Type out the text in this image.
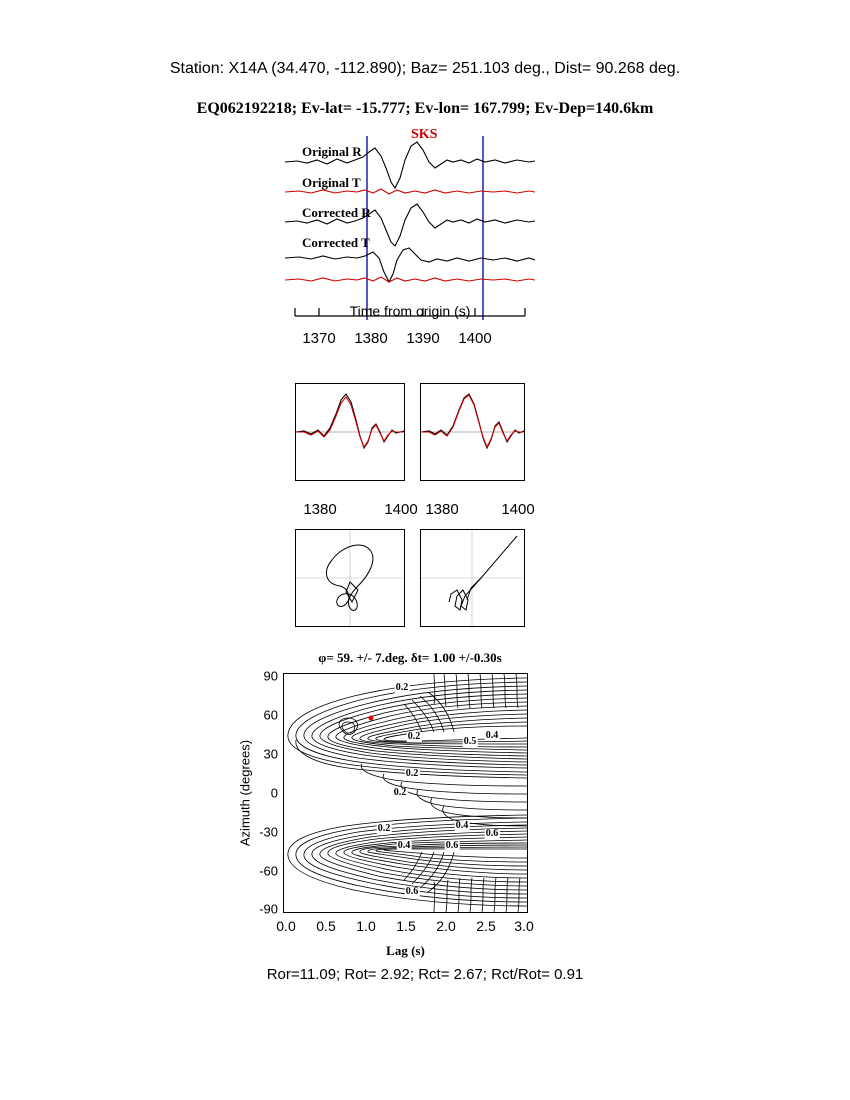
Station: X14A (34.470, -112.890); Baz= 251.103 deg., Dist= 90.268 deg.
EQ062192218; Ev-lat= -15.777; Ev-lon= 167.799; Ev-Dep=140.6km
SKS
Original R
Original T
Corrected R
Corrected T
Time from origin (s)
1370 1380 1390 1400
1380	1400 1380	1400
φ= 59. +/- 7.deg. δt= 1.00 +/-0.30s
0.2
0.2	0.5
0.4
0.2
0.2
0.2	0.4
0.6
0.4	0.6
0.6
90
60
30
0
-30
-60
-90
0.0 0.5 1.0 1.5 2.0 2.5 3.0
Azimuth (degrees)
Lag (s)
Ror=11.09; Rot= 2.92; Rct= 2.67; Rct/Rot= 0.91
